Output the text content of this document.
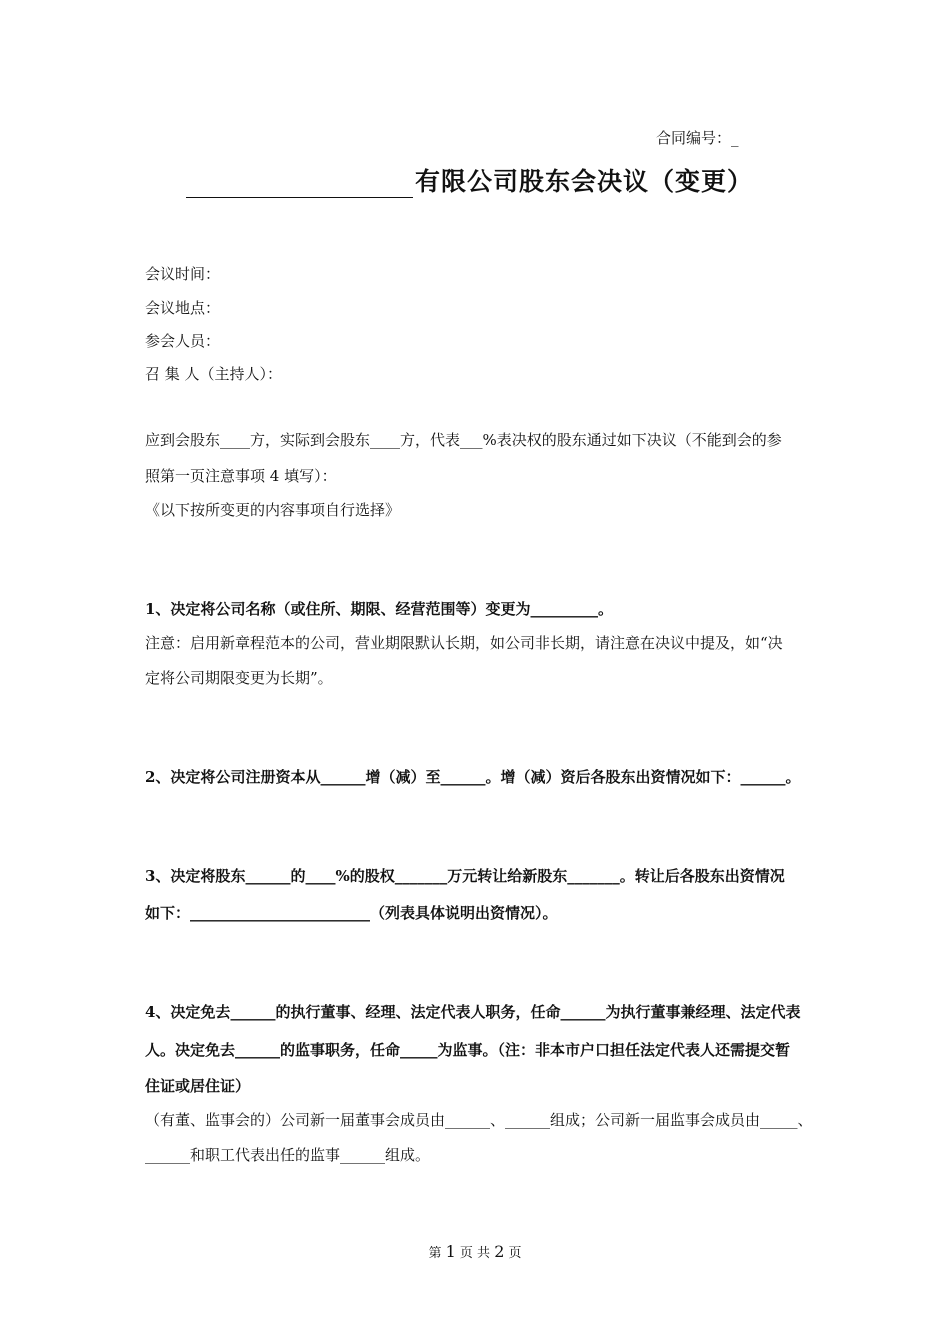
合同编号：_
有限公司股东会决议（变更）
会议时间：
会议地点：
参会人员：
召 集 人（主持人）：
应到会股东____方，实际到会股东____方，代表___%表决权的股东通过如下决议（不能到会的参
照第一页注意事项 4 填写）：
《以下按所变更的内容事项自行选择》
1、决定将公司名称（或住所、期限、经营范围等）变更为_________。
注意：启用新章程范本的公司，营业期限默认长期，如公司非长期，请注意在决议中提及，如“决
定将公司期限变更为长期”。
2、决定将公司注册资本从______增（减）至______。增（减）资后各股东出资情况如下：______。
3、决定将股东______的____%的股权_______万元转让给新股东_______。转让后各股东出资情况
如下：________________________（列表具体说明出资情况）。
4、决定免去______的执行董事、经理、法定代表人职务，任命______为执行董事兼经理、法定代表
人。决定免去______的监事职务，任命_____为监事。（注：非本市户口担任法定代表人还需提交暂
住证或居住证）
（有董、监事会的）公司新一届董事会成员由______、______组成；公司新一届监事会成员由_____、
______和职工代表出任的监事______组成。
第 1 页 共 2 页
